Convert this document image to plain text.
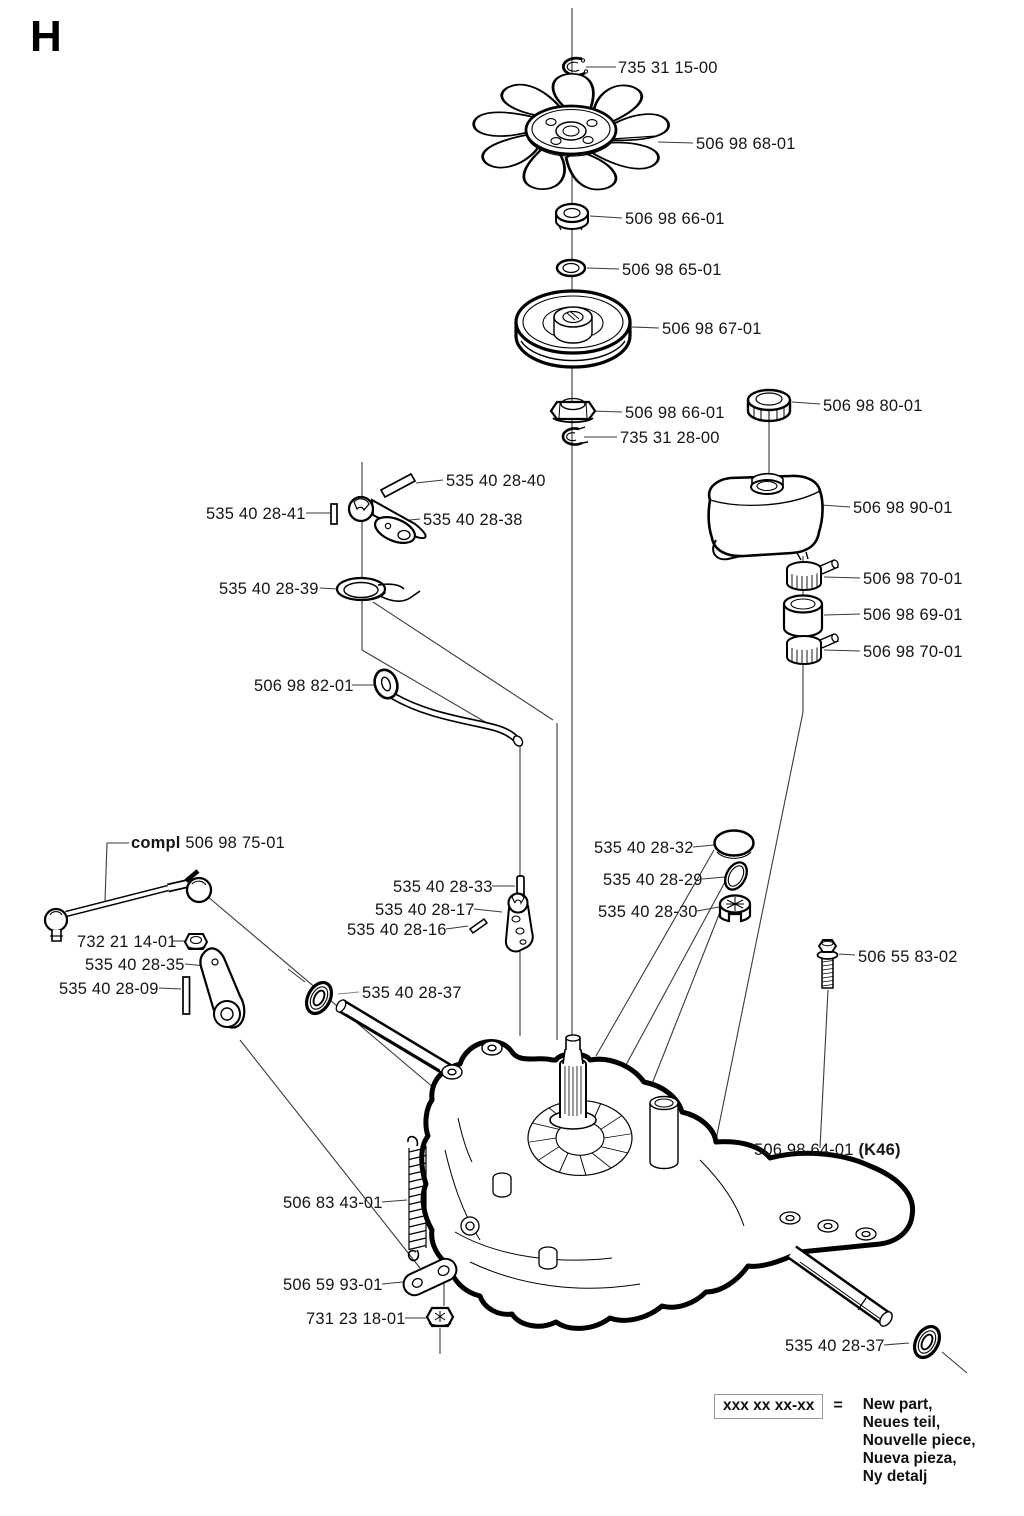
H
735 31 15-00
506 98 68-01
506 98 66-01
506 98 65-01
506 98 67-01
506 98 66-01
735 31 28-00
506 98 80-01
535 40 28-40
535 40 28-41	535 40 28-38
535 40 28-39
506 98 90-01
506 98 70-01
506 98 69-01
506 98 70-01
506 98 82-01
compl 506 98 75-01
732 21 14-01
535 40 28-35
535 40 28-09
535 40 28-33
535 40 28-17
535 40 28-16
535 40 28-32
535 40 28-29
535 40 28-30
506 55 83-02
535 40 28-37
506 98 64-01 (K46)
506 83 43-01
506 59 93-01
731 23 18-01
535 40 28-37
xxx xx xx-xx	= New part,
Neues teil,
Nouvelle piece,
Nueva pieza,
Ny detalj
